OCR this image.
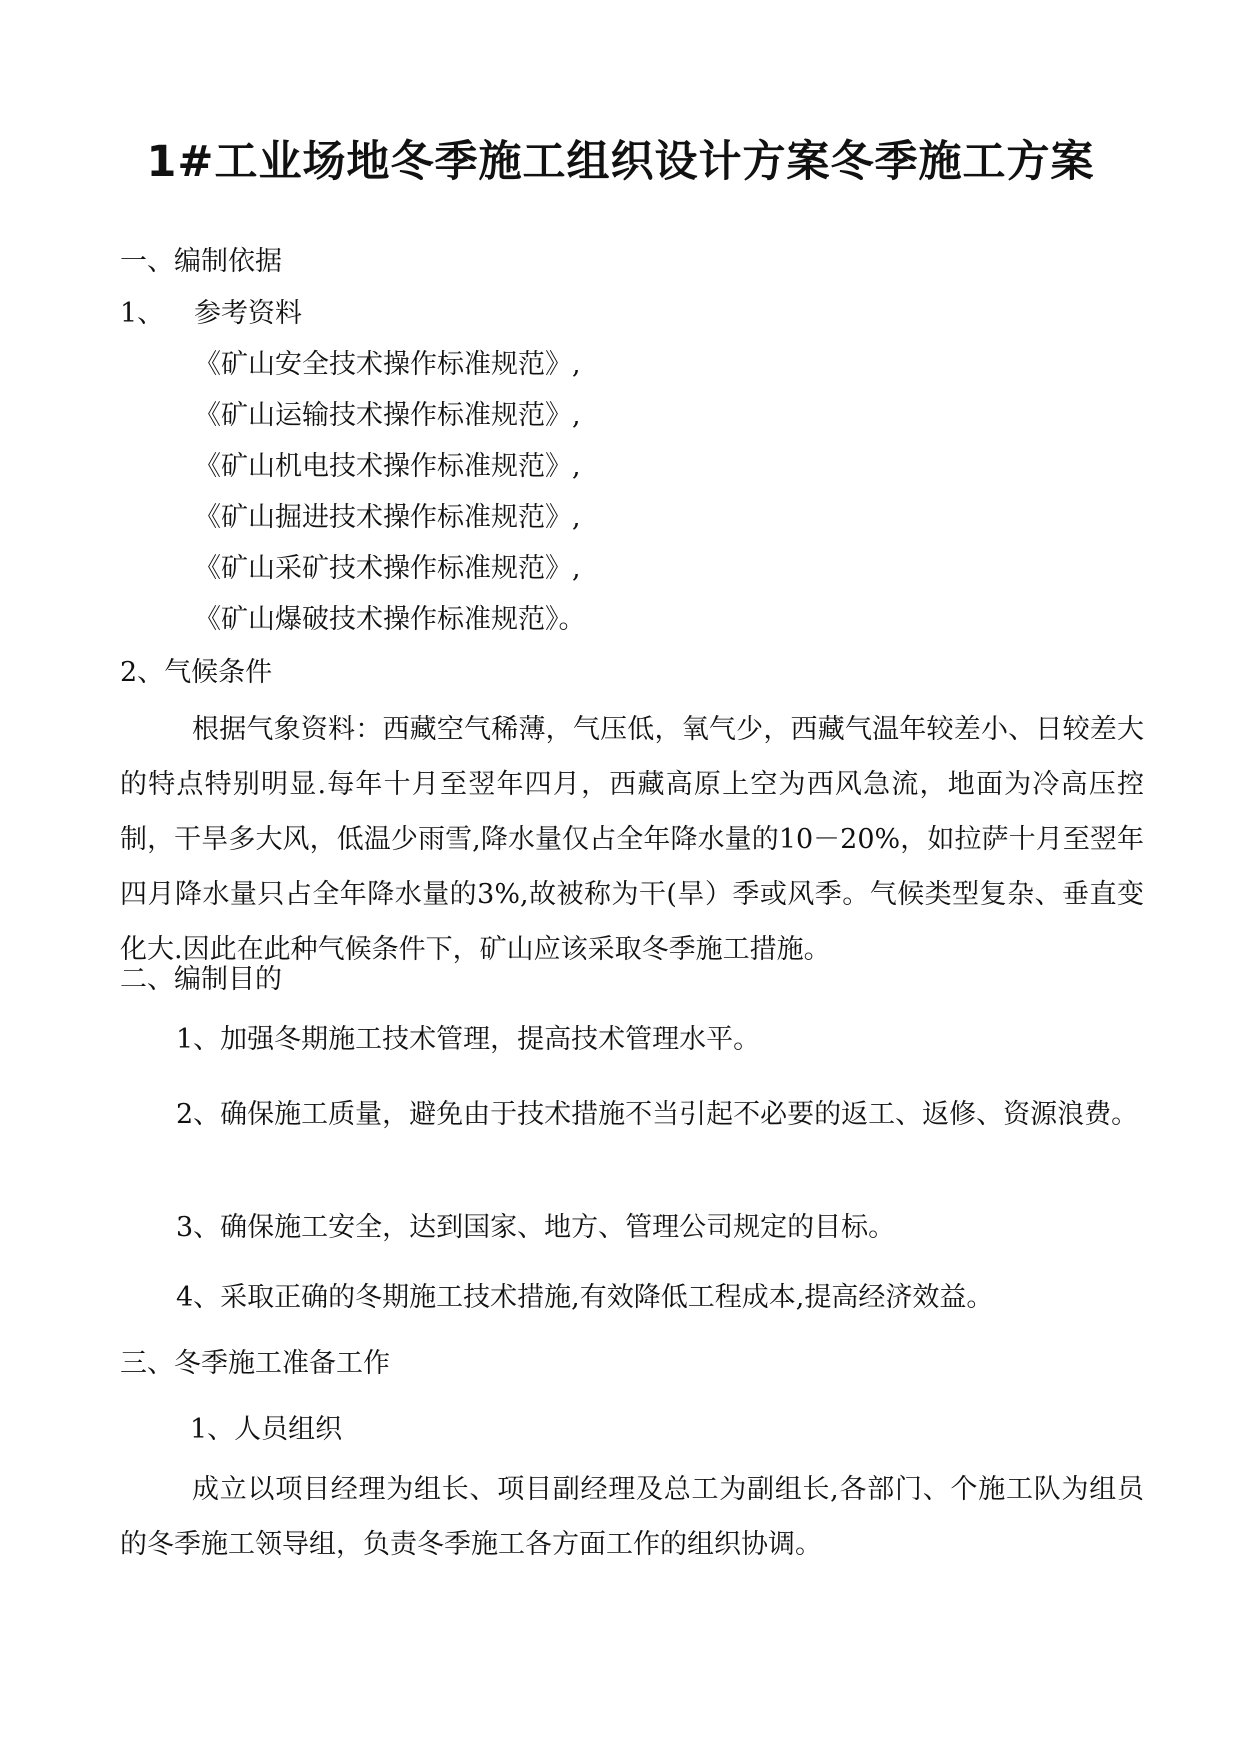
1#工业场地冬季施工组织设计方案冬季施工方案
一、编制依据
1、 参考资料
《矿山安全技术操作标准规范》,
《矿山运输技术操作标准规范》,
《矿山机电技术操作标准规范》,
《矿山掘进技术操作标准规范》,
《矿山采矿技术操作标准规范》,
《矿山爆破技术操作标准规范》。
2、气候条件

根据气象资料：西藏空气稀薄，气压低，氧气少，西藏气温年较差小、日较差大的特点特别明显.每年十月至翌年四月，西藏高原上空为西风急流，地面为冷高压控制，干旱多大风，低温少雨雪,降水量仅占全年降水量的10－20%，如拉萨十月至翌年四月降水量只占全年降水量的3%,故被称为干(旱）季或风季。气候类型复杂、垂直变化大.因此在此种气候条件下，矿山应该采取冬季施工措施。

二、编制目的
1、加强冬期施工技术管理，提高技术管理水平。

2、确保施工质量，避免由于技术措施不当引起不必要的返工、返修、资源浪费。

3、确保施工安全，达到国家、地方、管理公司规定的目标。
4、采取正确的冬期施工技术措施,有效降低工程成本,提高经济效益。
三、冬季施工准备工作
1、人员组织

成立以项目经理为组长、项目副经理及总工为副组长,各部门、个施工队为组员的冬季施工领导组，负责冬季施工各方面工作的组织协调。
